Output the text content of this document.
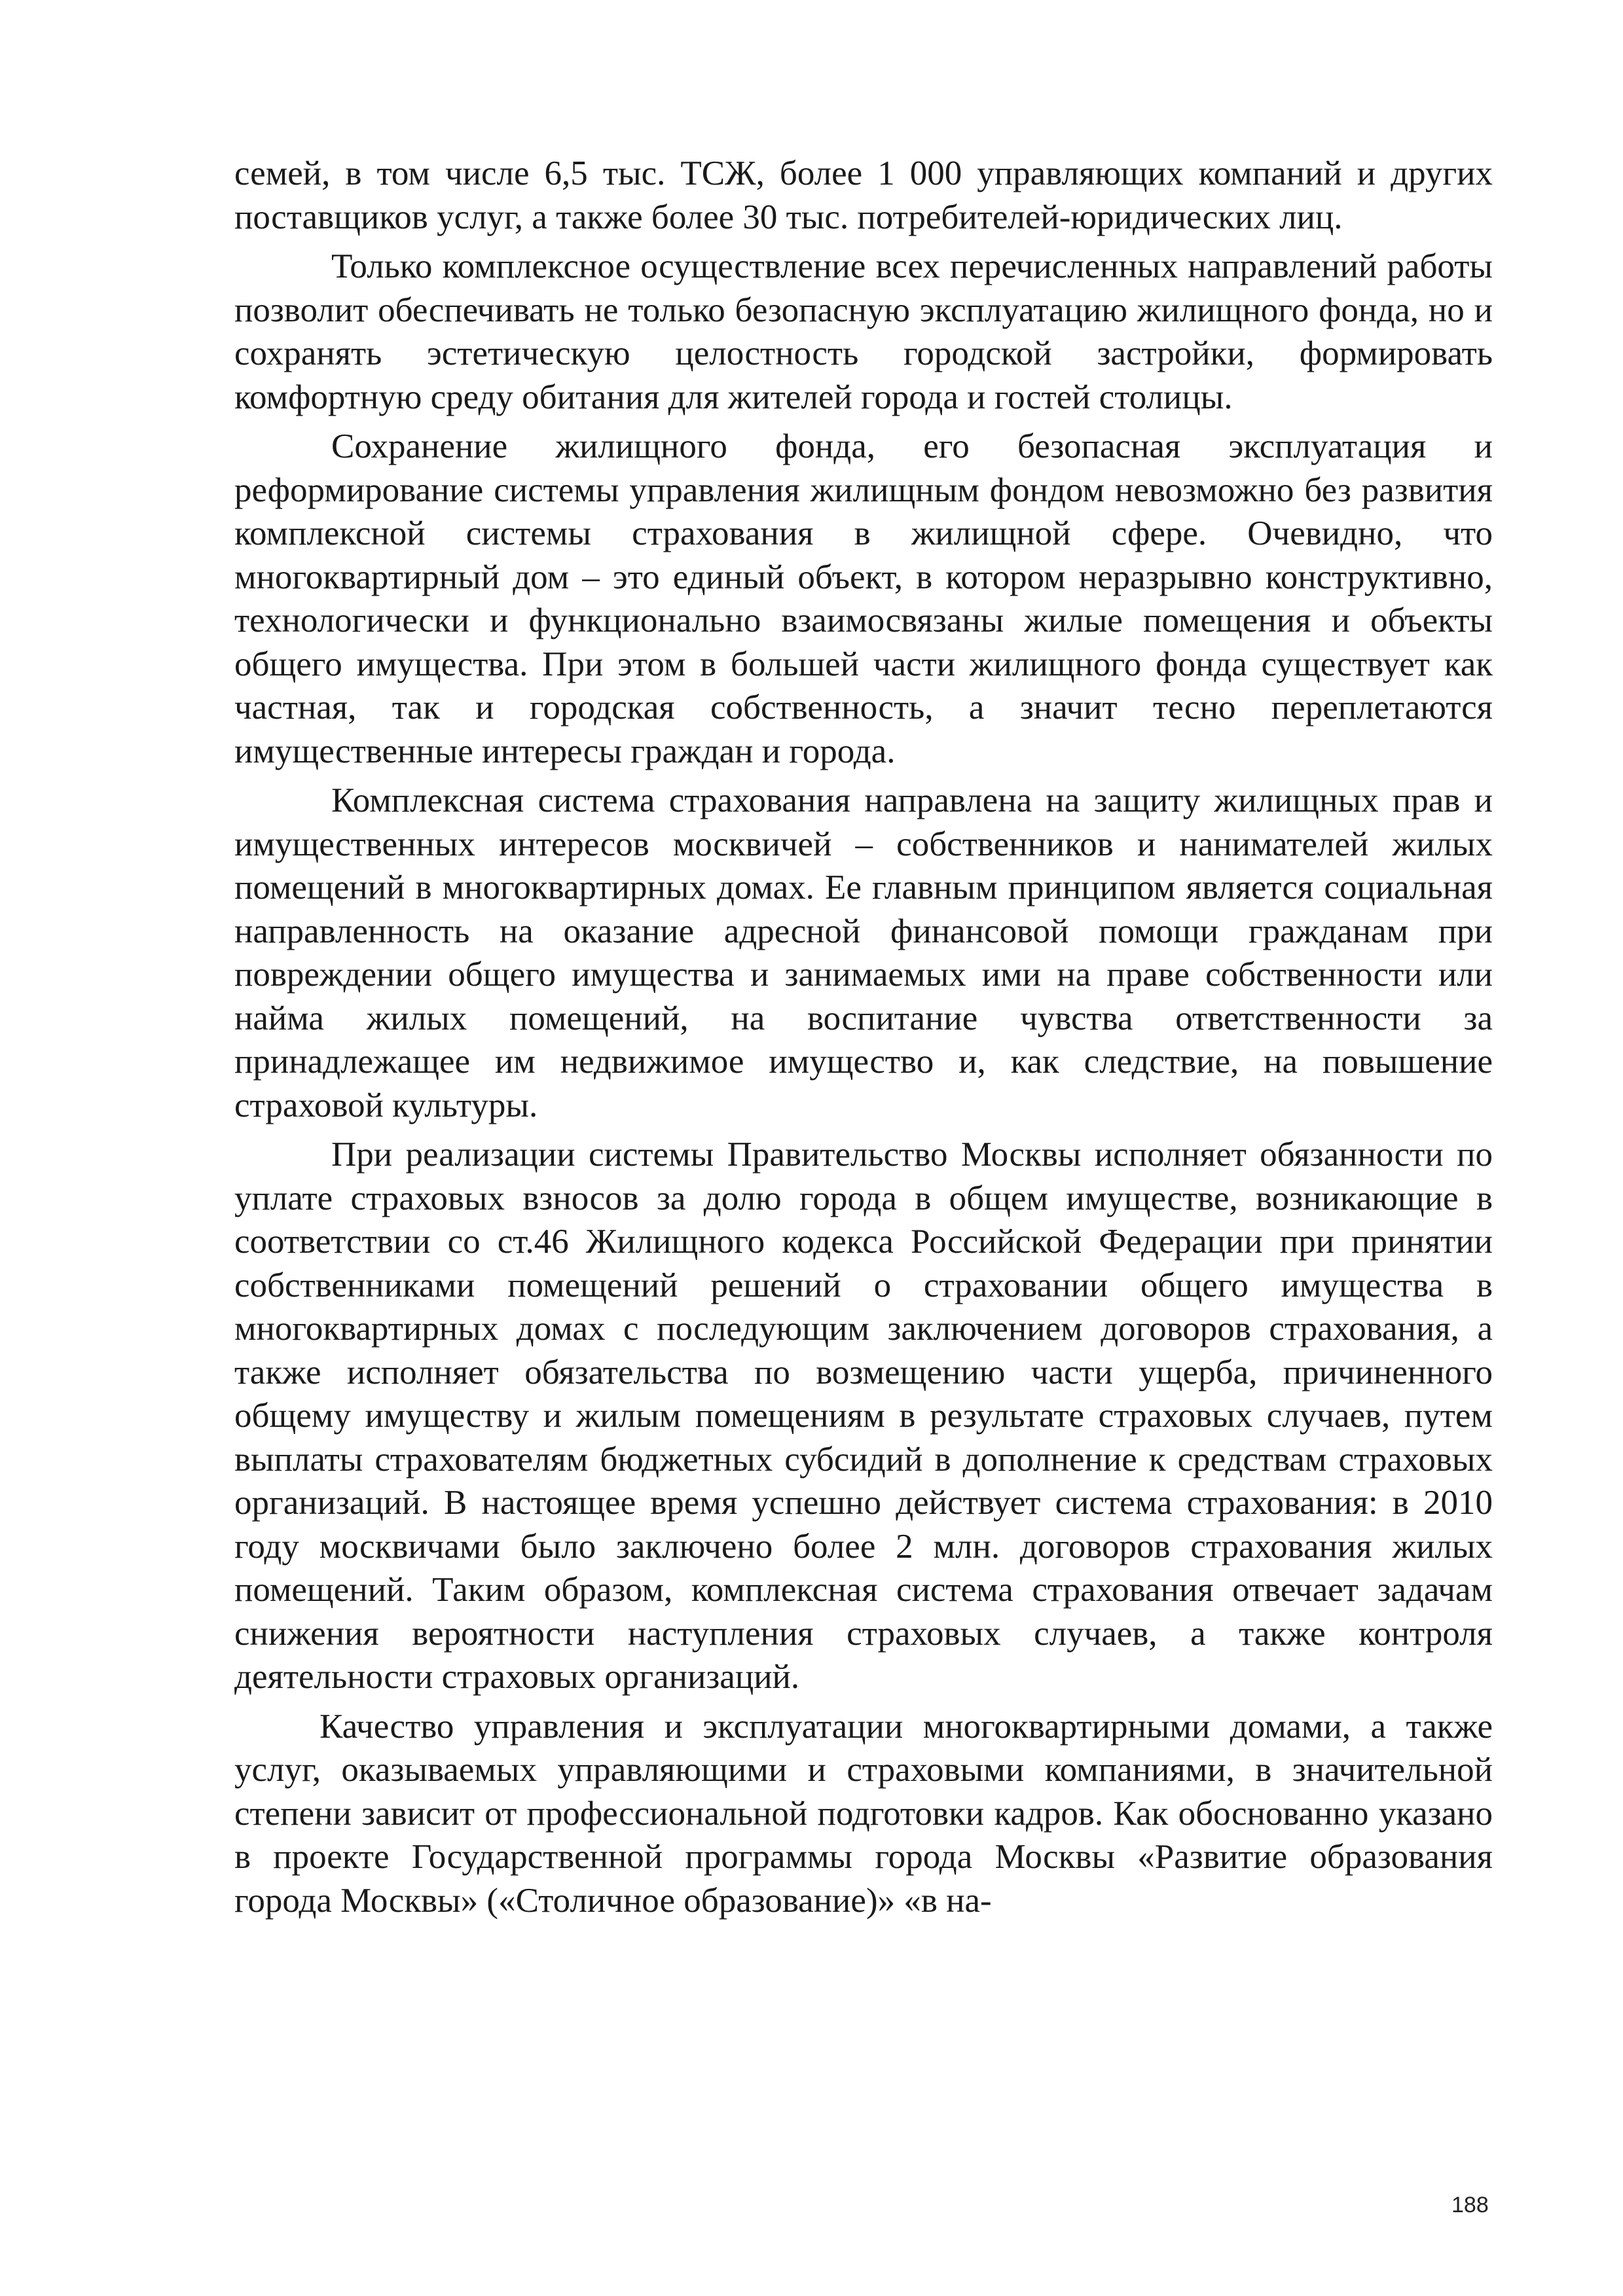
семей, в том числе 6,5 тыс. ТСЖ, более 1 000 управляющих компаний и других поставщиков услуг, а также более 30 тыс. потребителей-юридических лиц.

Только комплексное осуществление всех перечисленных направлений работы позволит обеспечивать не только безопасную эксплуатацию жилищного фонда, но и сохранять эстетическую целостность городской застройки, формировать комфортную среду обитания для жителей города и гостей столицы.

Сохранение жилищного фонда, его безопасная эксплуатация и реформирование системы управления жилищным фондом невозможно без развития комплексной системы страхования в жилищной сфере. Очевидно, что многоквартирный дом – это единый объект, в котором неразрывно конструктивно, технологически и функционально взаимосвязаны жилые помещения и объекты общего имущества. При этом в большей части жилищного фонда существует как частная, так и городская собственность, а значит тесно переплетаются имущественные интересы граждан и города.

Комплексная система страхования направлена на защиту жилищных прав и имущественных интересов москвичей – собственников и нанимателей жилых помещений в многоквартирных домах. Ее главным принципом является социальная направленность на оказание адресной финансовой помощи гражданам при повреждении общего имущества и занимаемых ими на праве собственности или найма жилых помещений, на воспитание чувства ответственности за принадлежащее им недвижимое имущество и, как следствие, на повышение страховой культуры.

При реализации системы Правительство Москвы исполняет обязанности по уплате страховых взносов за долю города в общем имуществе, возникающие в соответствии со ст.46 Жилищного кодекса Российской Федерации при принятии собственниками помещений решений о страховании общего имущества в многоквартирных домах с последующим заключением договоров страхования, а также исполняет обязательства по возмещению части ущерба, причиненного общему имуществу и жилым помещениям в результате страховых случаев, путем выплаты страхователям бюджетных субсидий в дополнение к средствам страховых организаций. В настоящее время успешно действует система страхования: в 2010 году москвичами было заключено более 2 млн. договоров страхования жилых помещений. Таким образом, комплексная система страхования отвечает задачам снижения вероятности наступления страховых случаев, а также контроля деятельности страховых организаций.

Качество управления и эксплуатации многоквартирными домами, а также услуг, оказываемых управляющими и страховыми компаниями, в значительной степени зависит от профессиональной подготовки кадров. Как обоснованно указано в проекте Государственной программы города Москвы «Развитие образования города Москвы» («Столичное образование)» «в на-

188
